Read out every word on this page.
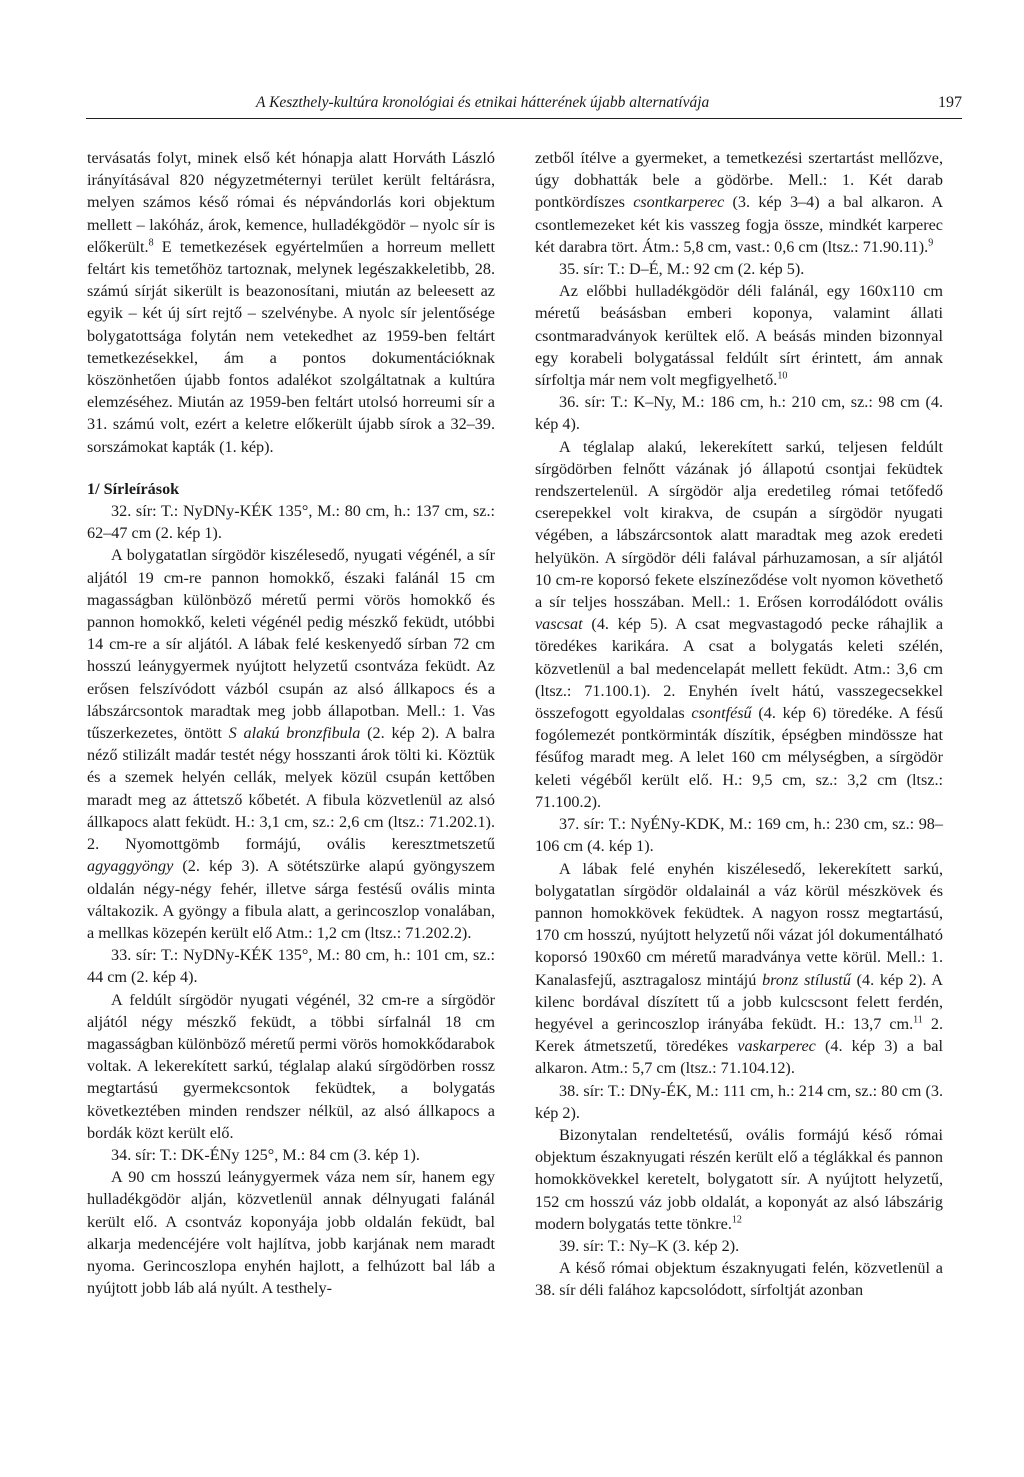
A Keszthely-kultúra kronológiai és etnikai hátterének újabb alternatívája	197

tervásatás folyt, minek első két hónapja alatt Horváth László irányításával 820 négyzetméternyi terület került feltárásra, melyen számos késő római és népvándorlás kori objektum mellett – lakóház, árok, kemence, hulladékgödör – nyolc sír is előkerült.$^8$ E temetkezések egyértelműen a horreum mellett feltárt kis temetőhöz tartoznak, melynek legészakkeletibb, 28. számú sírját sikerült is beazonosítani, miután az beleesett az egyik – két új sírt rejtő – szelvénybe. A nyolc sír jelentősége bolygatottsága folytán nem vetekedhet az 1959-ben feltárt temetkezésekkel, ám a pontos dokumentációknak köszönhetően újabb fontos adalékot szolgáltatnak a kultúra elemzéséhez. Miután az 1959-ben feltárt utolsó horreumi sír a 31. számú volt, ezért a keletre előkerült újabb sírok a 32–39. sorszámokat kapták (1. kép).

1/ Sírleírások

32. sír: T.: NyDNy-KÉK 135°, M.: 80 cm, h.: 137 cm, sz.: 62–47 cm (2. kép 1).

A bolygatatlan sírgödör kiszélesedő, nyugati végénél, a sír aljától 19 cm-re pannon homokkő, északi falánál 15 cm magasságban különböző méretű permi vörös homokkő és pannon homokkő, keleti végénél pedig mészkő feküdt, utóbbi 14 cm-re a sír aljától. A lábak felé keskenyedő sírban 72 cm hosszú leánygyermek nyújtott helyzetű csontváza feküdt. Az erősen felszívódott vázból csupán az alsó állkapocs és a lábszárcsontok maradtak meg jobb állapotban. Mell.: 1. Vas tűszerkezetes, öntött S alakú bronzfibula (2. kép 2). A balra néző stilizált madár testét négy hosszanti árok tölti ki. Köztük és a szemek helyén cellák, melyek közül csupán kettőben maradt meg az áttetsző kőbetét. A fibula közvetlenül az alsó állkapocs alatt feküdt. H.: 3,1 cm, sz.: 2,6 cm (ltsz.: 71.202.1). 2. Nyomottgömb formájú, ovális keresztmetszetű agyaggyöngy (2. kép 3). A sötétszürke alapú gyöngyszem oldalán négy-négy fehér, illetve sárga festésű ovális minta váltakozik. A gyöngy a fibula alatt, a gerincoszlop vonalában, a mellkas közepén került elő Atm.: 1,2 cm (ltsz.: 71.202.2).

33. sír: T.: NyDNy-KÉK 135°, M.: 80 cm, h.: 101 cm, sz.: 44 cm (2. kép 4).

A feldúlt sírgödör nyugati végénél, 32 cm-re a sírgödör aljától négy mészkő feküdt, a többi sírfalnál 18 cm magasságban különböző méretű permi vörös homokkődarabok voltak. A lekerekített sarkú, téglalap alakú sírgödörben rossz megtartású gyermekcsontok feküdtek, a bolygatás következtében minden rendszer nélkül, az alsó állkapocs a bordák közt került elő.

34. sír: T.: DK-ÉNy 125°, M.: 84 cm (3. kép 1).

A 90 cm hosszú leánygyermek váza nem sír, hanem egy hulladékgödör alján, közvetlenül annak délnyugati falánál került elő. A csontváz koponyája jobb oldalán feküdt, bal alkarja medencéjére volt hajlítva, jobb karjának nem maradt nyoma. Gerincoszlopa enyhén hajlott, a felhúzott bal láb a nyújtott jobb láb alá nyúlt. A testhely-

zetből ítélve a gyermeket, a temetkezési szertartást mellőzve, úgy dobhatták bele a gödörbe. Mell.: 1. Két darab pontkördíszes csontkarperec (3. kép 3–4) a bal alkaron. A csontlemezeket két kis vasszeg fogja össze, mindkét karperec két darabra tört. Átm.: 5,8 cm, vast.: 0,6 cm (ltsz.: 71.90.11).$^9$

35. sír: T.: D–É, M.: 92 cm (2. kép 5).

Az előbbi hulladékgödör déli falánál, egy 160x110 cm méretű beásásban emberi koponya, valamint állati csontmaradványok kerültek elő. A beásás minden bizonnyal egy korabeli bolygatással feldúlt sírt érintett, ám annak sírfoltja már nem volt megfigyelhető.$^{10}$

36. sír: T.: K–Ny, M.: 186 cm, h.: 210 cm, sz.: 98 cm (4. kép 4).

A téglalap alakú, lekerekített sarkú, teljesen feldúlt sírgödörben felnőtt vázának jó állapotú csontjai feküdtek rendszertelenül. A sírgödör alja eredetileg római tetőfedő cserepekkel volt kirakva, de csupán a sírgödör nyugati végében, a lábszárcsontok alatt maradtak meg azok eredeti helyükön. A sírgödör déli falával párhuzamosan, a sír aljától 10 cm-re koporsó fekete elszíneződése volt nyomon követhető a sír teljes hosszában. Mell.: 1. Erősen korrodálódott ovális vascsat (4. kép 5). A csat megvastagodó pecke ráhajlik a töredékes karikára. A csat a bolygatás keleti szélén, közvetlenül a bal medencelapát mellett feküdt. Atm.: 3,6 cm (ltsz.: 71.100.1). 2. Enyhén ívelt hátú, vasszegecsekkel összefogott egyoldalas csontfésű (4. kép 6) töredéke. A fésű fogólemezét pontkörminták díszítik, épségben mindössze hat fésűfog maradt meg. A lelet 160 cm mélységben, a sírgödör keleti végéből került elő. H.: 9,5 cm, sz.: 3,2 cm (ltsz.: 71.100.2).

37. sír: T.: NyÉNy-KDK, M.: 169 cm, h.: 230 cm, sz.: 98–106 cm (4. kép 1).

A lábak felé enyhén kiszélesedő, lekerekített sarkú, bolygatatlan sírgödör oldalainál a váz körül mészkövek és pannon homokkövek feküdtek. A nagyon rossz megtartású, 170 cm hosszú, nyújtott helyzetű női vázat jól dokumentálható koporsó 190x60 cm méretű maradványa vette körül. Mell.: 1. Kanalasfejű, asztragalosz mintájú bronz stílustű (4. kép 2). A kilenc bordával díszített tű a jobb kulcscsont felett ferdén, hegyével a gerincoszlop irányába feküdt. H.: 13,7 cm.$^{11}$ 2. Kerek átmetszetű, töredékes vaskarperec (4. kép 3) a bal alkaron. Atm.: 5,7 cm (ltsz.: 71.104.12).

38. sír: T.: DNy-ÉK, M.: 111 cm, h.: 214 cm, sz.: 80 cm (3. kép 2).

Bizonytalan rendeltetésű, ovális formájú késő római objektum északnyugati részén került elő a téglákkal és pannon homokkövekkel keretelt, bolygatott sír. A nyújtott helyzetű, 152 cm hosszú váz jobb oldalát, a koponyát az alsó lábszárig modern bolygatás tette tönkre.$^{12}$

39. sír: T.: Ny–K (3. kép 2).

A késő római objektum északnyugati felén, közvetlenül a 38. sír déli falához kapcsolódott, sírfoltját azonban
